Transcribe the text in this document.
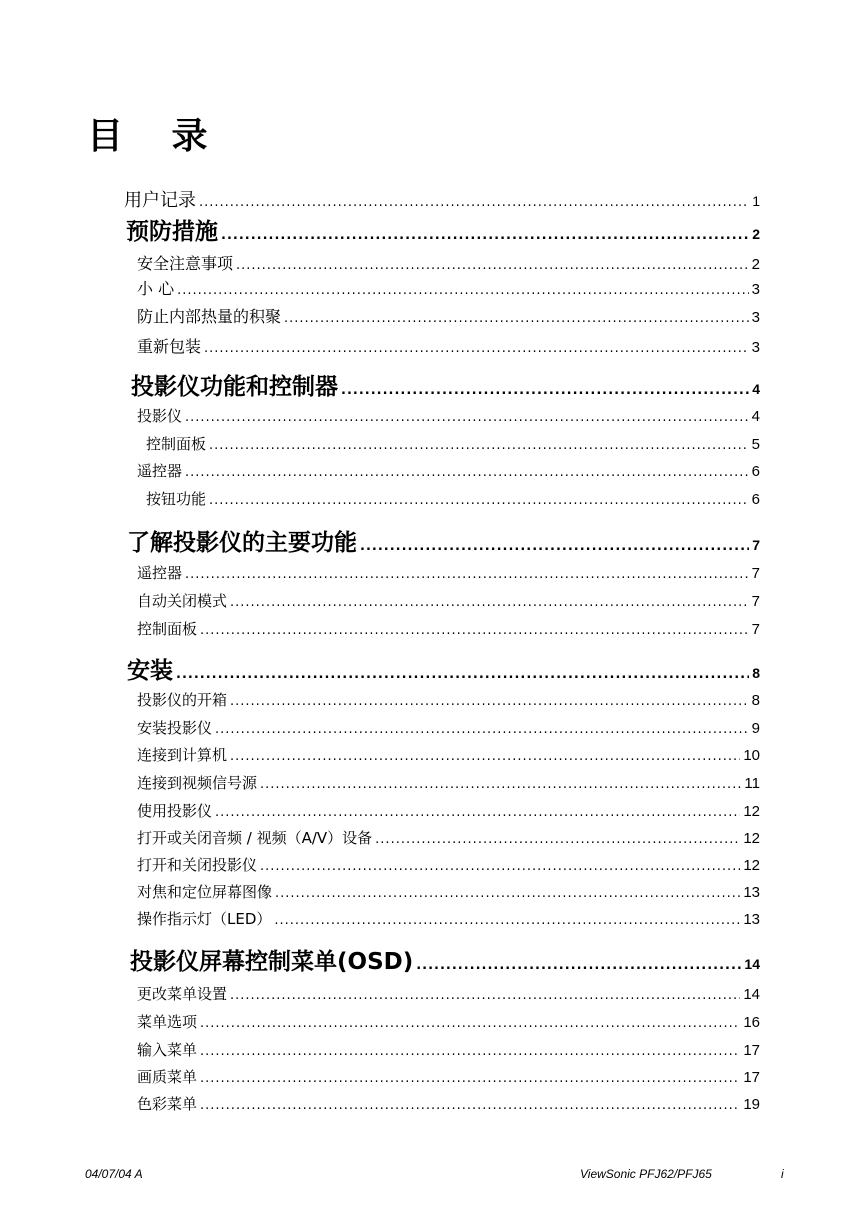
目 录
用户记录 .....	1
预防措施 .....	2
安全注意事项 .....	2
小 心 .....	3
防止内部热量的积聚 .....	3
重新包装 .....	3
投影仪功能和控制器 .....	4
投影仪 .....	4
控制面板 .....	5
遥控器 .....	6
按钮功能 .....	6
了解投影仪的主要功能 .....	7
遥控器 .....	7
自动关闭模式 .....	7
控制面板 .....	7
安装 .....	8
投影仪的开箱 .....	8
安装投影仪 .....	9
连接到计算机 .....	10
连接到视频信号源 .....	11
使用投影仪 .....	12
打开或关闭音频 / 视频（A/V）设备 .....	12
打开和关闭投影仪 .....	12
对焦和定位屏幕图像 .....	13
操作指示灯（LED） .....	13
投影仪屏幕控制菜单(OSD) .....	14
更改菜单设置 .....	14
菜单选项 .....	16
输入菜单 .....	17
画质菜单 .....	17
色彩菜单 .....	19
04/07/04 A	ViewSonic PFJ62/PFJ65	i
